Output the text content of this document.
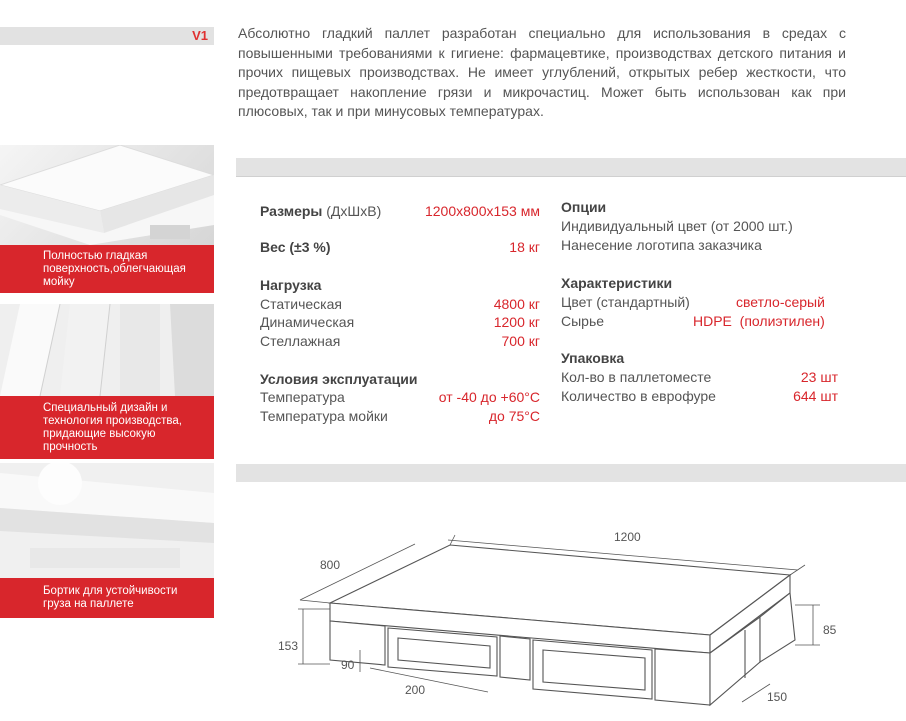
V1
Полностью гладкая поверхность,облегчающая мойку
Специальный дизайн и технология производства, придающие высокую прочность
Бортик для устойчивости груза на паллете
Абсолютно гладкий паллет разработан специально для использования в средах с повышенными требованиями к гигиене: фармацевтике, производствах детского питания и прочих пищевых производствах. Не имеет углублений, открытых ребер жесткости, что предотвращает накопление грязи и микрочастиц. Может быть использован как при плюсовых, так и при минусовых температурах.
Размеры (ДхШхВ)	1200x800x153 мм
Вес (±3 %)	18 кг
Нагрузка
Статическая	4800 кг
Динамическая	1200 кг
Стеллажная	700 кг
Условия эксплуатации
Температура	от -40 до +60°С
Температура мойки	до 75°С
Опции
Индивидуальный цвет (от 2000 шт.)
Нанесение логотипа заказчика
Характеристики
Цвет (стандартный)	светло-серый
Сырье	HDPE  (полиэтилен)
Упаковка
Кол-во в паллетоместе	23 шт
Количество в еврофуре	644 шт
1200
800
153
85
150
90
200
